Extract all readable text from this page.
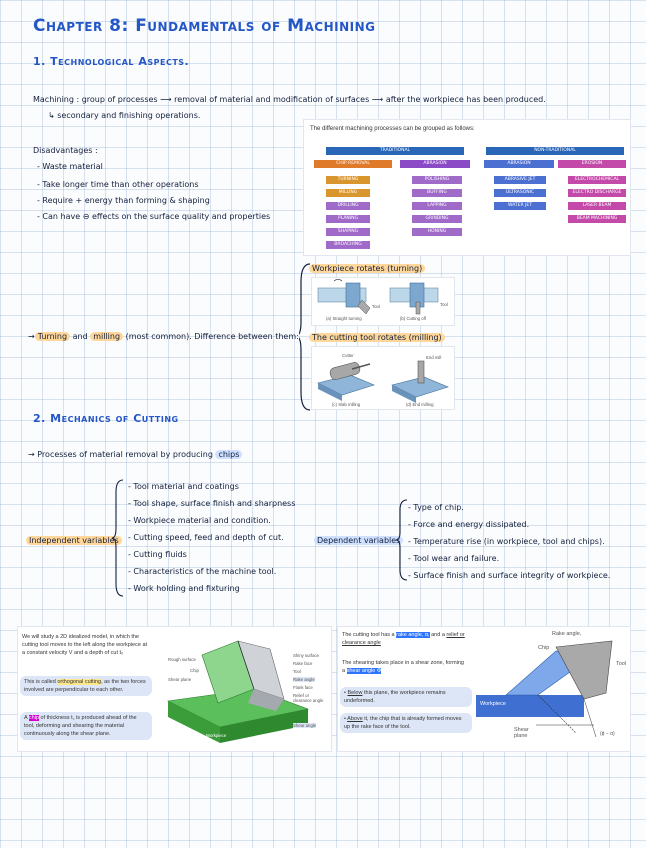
Chapter 8: Fundamentals of Machining
1. Technological Aspects.
Machining : group of processes ⟶ removal of material and modification of surfaces ⟶ after the workpiece has been produced.
↳ secondary and finishing operations.
Disadvantages :
- Waste material
- Take longer time than other operations
- Require + energy than forming & shaping
- Can have ⊖ effects on the surface quality and properties
The different machining processes can be grouped as follows:
TRADITIONAL	NON-TRADITIONAL
CHIP REMOVAL	ABRASION	ABRASION	EROSION
TURNING
MILLING
DRILLING
PLANING
SHAPING
BROACHING
POLISHING
BUFFING
LAPPING
GRINDING
HONING
ABRASIVE JET
ULTRASONIC
WATER JET
ELECTROCHEMICAL
ELECTRO DISCHARGE
LASER BEAM
BEAM MACHINING
→ Turning and milling (most common). Difference between them:
Workpiece rotates (turning)
Tool	Tool
(a) Straight turning	(b) Cutting off
The cutting tool rotates (milling)
Cutter	End mill
(c) Slab milling	(d) End milling
2. Mechanics of Cutting
→ Processes of material removal by producing chips
Independent variables
- Tool material and coatings
- Tool shape, surface finish and sharpness
- Workpiece material and condition.
- Cutting speed, feed and depth of cut.
- Cutting fluids
- Characteristics of the machine tool.
- Work holding and fixturing
Dependent variables
- Type of chip.
- Force and energy dissipated.
- Temperature rise (in workpiece, tool and chips).
- Tool wear and failure.
- Surface finish and surface integrity of workpiece.
We will study a 2D idealized model, in which the cutting tool moves to the left along the workpiece at a constant velocity V and a depth of cut t₀
This is called orthogonal cutting, as the two forces involved are perpendicular to each other.
A chip of thickness t꜀ is produced ahead of the tool, deforming and shearing the material continuously along the shear plane.
Rough surface
Chip
Shear plane
Shiny surface
Rake face
Tool
Rake angle
Flank face
Relief or clearance angle
Shear angle
Workpiece
The cutting tool has a rake angle, α, and a relief or clearance angle
The shearing takes place in a shear zone, forming a shear angle Φ
• Below this plane, the workpiece remains undeformed.
• Above it, the chip that is already formed moves up the rake face of the tool.
Rake angle,
Chip
Tool
Workpiece
Shear plane	(ϕ − α)
